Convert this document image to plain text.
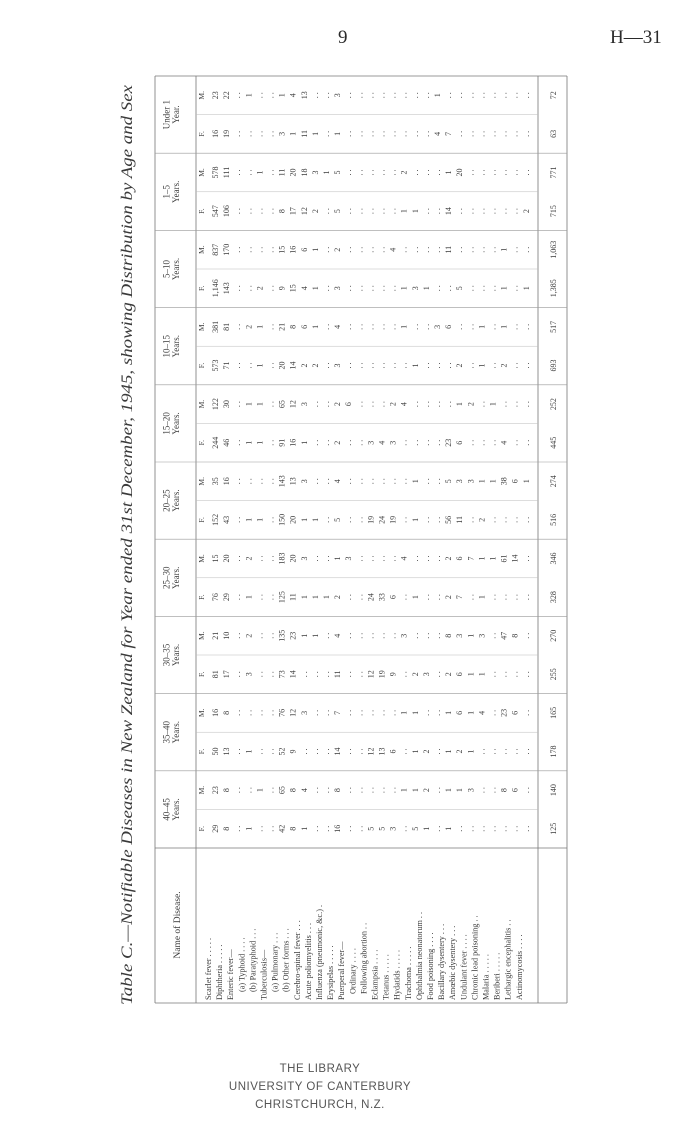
9	H—31
Table C.—Notifiable Diseases in New Zealand for Year ended 31st December, 1945, showing Distribution by Age and Sex	Name of Disease.
Under 1Year.
1–5Years.
5–10Years.
10–15Years.
15–20Years.
20–25Years.
25–30Years.
30–35Years.
35–40Years.
40–45Years.
M.
F.
M.
F.
M.
F.
M.
F.
M.
F.
M.
F.
M.
F.
M.
F.
M.
F.
M.
F.
Scarlet fever . . . . . Diphtheria . . . . . Enteric fever— (a) Typhoid . . . . (b) Paratyphoid . . . Tuberculosis— (a) Pulmonary . . . (b) Other forms . . . Cerebro-spinal fever . . . Acute poliomyelitis . . . Influenza (pneumonic, &c.) . Erysipelas . . . . . Puerperal fever— Ordinary . . . . Following abortion . . Eclampsia . . . . Tetanus . . . . . Hydatids . . . . . Trachoma . . . . . Ophthalmia neonatorum . . Food poisoning . . . . Bacillary dysentery . . . Amœbic dysentery . . . Undulant fever . . . . Chronic lead poisoning . . Malaria . . . . . Beriberi . . . . . Lethargic encephalitis . . Actinomycosis . . . .
23 22 . . 1 . . . . 1 4 13 . . . . 3 . . . . . . . . . . . . . . . . 1 . . . . . . . . . . . . . . . .
16 19 . . . . . . . . 3 1 11 1 . . 1 . . . . . . . . . . . . . . . . 4 7 . . . . . . . . . . . . . .
578 111 . . . . 1 . . 11 20 18 3 1 5 . . . . . . . . . . 2 . . . . . . 1 20 . . . . . . . . . . . .
547 106 . . . . . . . . 8 17 12 2 . . 5 . . . . . . . . . . 1 1 . . . . 14 . . . . . . . . . . . . 2
837 170 . . . . . . . . 15 16 6 1 . . 2 . . . . . . . . 4 . . . . . . . . 11 . . . . . . . . 1 . . . .
1,146 143 . . . . 2 . . 9 15 4 1 . . 3 . . . . . . . . . . 1 3 1 . . . . 5 . . . . . . 1 . . 1
381 81 . . 2 1 . . 21 8 6 1 . . 4 . . . . . . . . . . 1 . . . . 3 6 . . . . 1 . . 1 . . . .
573 71 . . . . 1 . . 20 14 2 2 . . 3 . . . . . . . . . . . . 1 . . . . . . 2 . . 1 . . 2 . . . .
122 30 . . 1 1 . . 65 12 3 . . . . 2 6 . . . . . . 2 4 . . . . . . . . 1 2 . . 1 . . . . . .
244 46 . . 1 1 . . 91 16 1 . . . . 2 . . . . 3 4 3 . . . . . . . . 23 6 . . . . . . 4 . . . .
35 16 . . . . . . . . 143 13 3 . . . . 4 . . . . . . . . . . . . 1 . . . . 5 3 3 1 1 38 6 1
152 43 . . 1 1 . . 150 20 1 1 . . 5 . . . . 19 24 19 . . 1 . . . . 56 11 . . 2 . . . . . . . .
15 20 . . 2 . . . . 183 20 3 . . . . 1 3 . . . . . . . . 4 . . . . . . 2 6 7 1 1 61 14 . .
76 29 . . 1 . . . . 125 11 1 1 1 2 . . . . 24 33 6 . . 1 . . . . 2 7 . . 1 . . . . . . . .
21 10 . . 2 . . . . 135 23 1 1 . . 4 . . . . . . . . . . 3 . . . . . . 8 3 1 3 . . 47 8 . .
81 17 . . 3 . . . . 73 14 . . . . . . 11 . . . . 12 19 9 . . 2 3 . . 2 6 1 1 . . . . . . . .
16 8 . . . . . . . . 76 12 3 . . . . 7 . . . . . . . . . . 1 1 . . . . 1 6 1 4 . . 23 6 . .
50 13 . . 1 . . . . 52 9 . . . . . . 14 . . . . 12 13 6 . . 1 2 . . 1 2 1 . . . . . . . . . .
23 8 . . . . 1 . . 65 8 4 . . . . 8 . . . . . . . . . . 1 1 2 . . 1 1 3 . . . . 8 6 . .
29 8 . . 1 . . . . 42 8 1 . . . . 16 . . . . 5 5 3 . . 5 1 . . 1 . . . . . . . . . . . . . .
72
63
771
715
1,063
1,385
517
693
252
445
274
516
346
328
270
255
165
178
140
125
THE LIBRARY
UNIVERSITY OF CANTERBURY
CHRISTCHURCH, N.Z.
